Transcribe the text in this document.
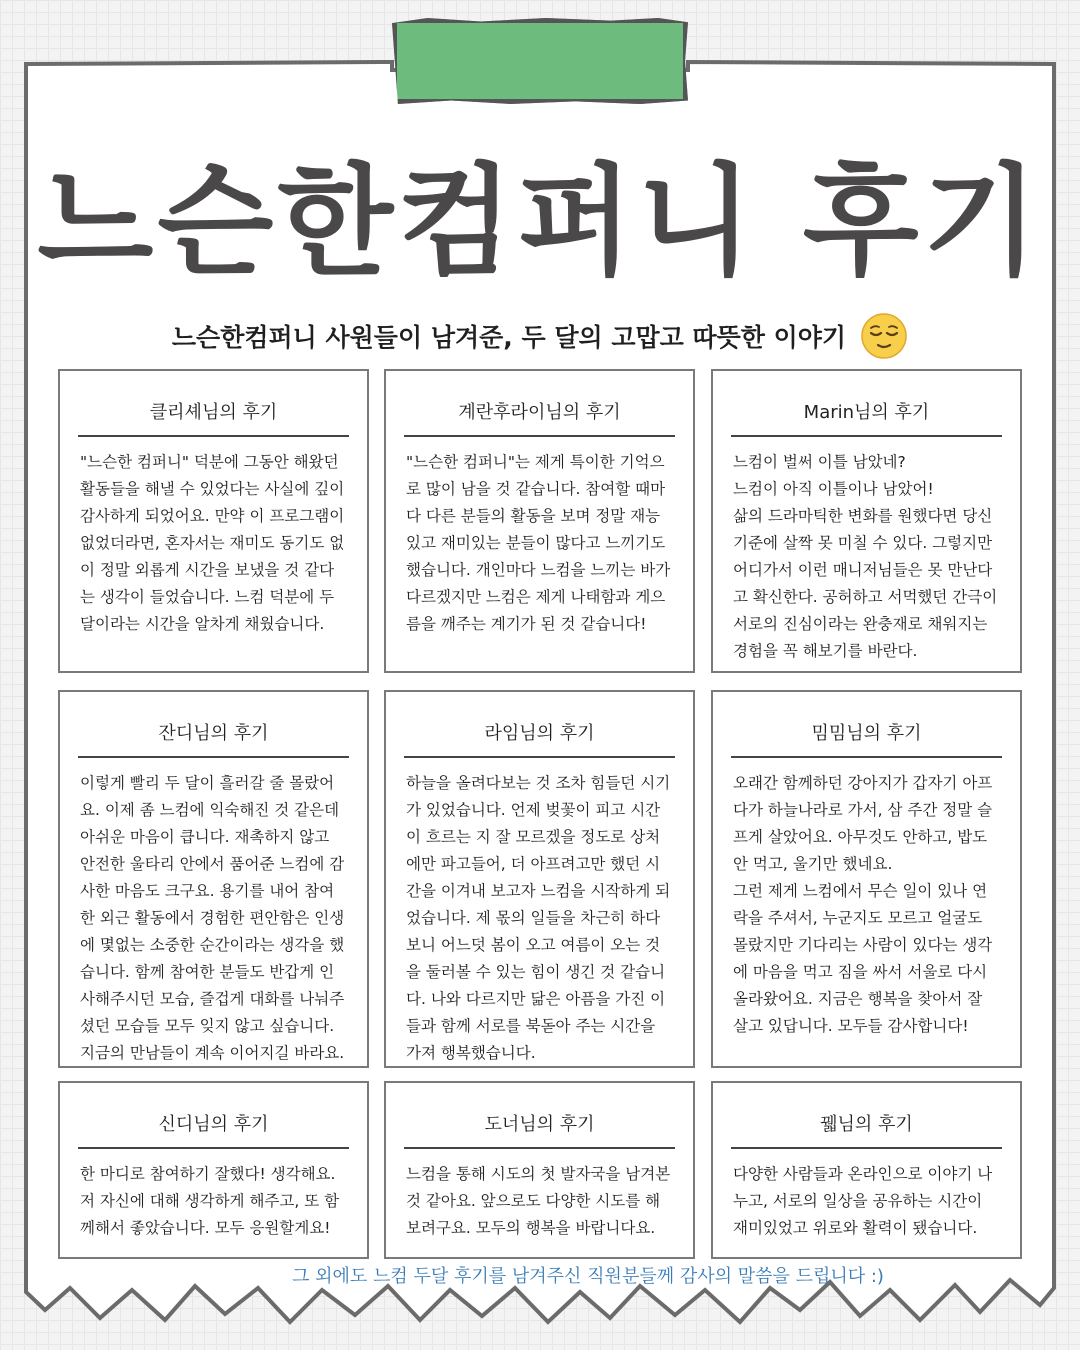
느슨한컴퍼니 후기
느슨한컴퍼니 사원들이 남겨준, 두 달의 고맙고 따뜻한 이야기
클리셰님의 후기
"느슨한 컴퍼니" 덕분에 그동안 해왔던 활동들을 해낼 수 있었다는 사실에 깊이 감사하게 되었어요. 만약 이 프로그램이 없었더라면, 혼자서는 재미도 동기도 없이 정말 외롭게 시간을 보냈을 것 같다는 생각이 들었습니다. 느컴 덕분에 두 달이라는 시간을 알차게 채웠습니다.
계란후라이님의 후기
"느슨한 컴퍼니"는 제게 특이한 기억으로 많이 남을 것 같습니다. 참여할 때마다 다른 분들의 활동을 보며 정말 재능있고 재미있는 분들이 많다고 느끼기도 했습니다. 개인마다 느컴을 느끼는 바가 다르겠지만 느컴은 제게 나태함과 게으름을 깨주는 계기가 된 것 같습니다!
Marin님의 후기
느컴이 벌써 이틀 남았네?
느컴이 아직 이틀이나 남았어!
삶의 드라마틱한 변화를 원했다면 당신 기준에 살짝 못 미칠 수 있다. 그렇지만 어디가서 이런 매니저님들은 못 만난다고 확신한다. 공허하고 서먹했던 간극이 서로의 진심이라는 완충재로 채워지는 경험을 꼭 해보기를 바란다.
잔디님의 후기
이렇게 빨리 두 달이 흘러갈 줄 몰랐어요. 이제 좀 느컴에 익숙해진 것 같은데 아쉬운 마음이 큽니다. 재촉하지 않고 안전한 울타리 안에서 품어준 느컴에 감사한 마음도 크구요. 용기를 내어 참여한 외근 활동에서 경험한 편안함은 인생에 몇없는 소중한 순간이라는 생각을 했습니다. 함께 참여한 분들도 반갑게 인사해주시던 모습, 즐겁게 대화를 나눠주셨던 모습들 모두 잊지 않고 싶습니다. 지금의 만남들이 계속 이어지길 바라요.
라임님의 후기
하늘을 올려다보는 것 조차 힘들던 시기가 있었습니다. 언제 벚꽃이 피고 시간이 흐르는 지 잘 모르겠을 정도로 상처에만 파고들어, 더 아프려고만 했던 시간을 이겨내 보고자 느컴을 시작하게 되었습니다. 제 몫의 일들을 차근히 하다보니 어느덧 봄이 오고 여름이 오는 것을 둘러볼 수 있는 힘이 생긴 것 같습니다. 나와 다르지만 닮은 아픔을 가진 이들과 함께 서로를 북돋아 주는 시간을 가져 행복했습니다.
밈밈님의 후기
오래간 함께하던 강아지가 갑자기 아프다가 하늘나라로 가서, 삼 주간 정말 슬프게 살았어요. 아무것도 안하고, 밥도 안 먹고, 울기만 했네요.
그런 제게 느컴에서 무슨 일이 있나 연락을 주셔서, 누군지도 모르고 얼굴도 몰랐지만 기다리는 사람이 있다는 생각에 마음을 먹고 짐을 싸서 서울로 다시 올라왔어요. 지금은 행복을 찾아서 잘 살고 있답니다. 모두들 감사합니다!
신디님의 후기
한 마디로 참여하기 잘했다! 생각해요. 저 자신에 대해 생각하게 해주고, 또 함께해서 좋았습니다. 모두 응원할게요!
도너님의 후기
느컴을 통해 시도의 첫 발자국을 남겨본 것 같아요. 앞으로도 다양한 시도를 해보려구요. 모두의 행복을 바랍니다요.
꿻님의 후기
다양한 사람들과 온라인으로 이야기 나누고, 서로의 일상을 공유하는 시간이 재미있었고 위로와 활력이 됐습니다.
그 외에도 느컴 두달 후기를 남겨주신 직원분들께 감사의 말씀을 드립니다 :)
